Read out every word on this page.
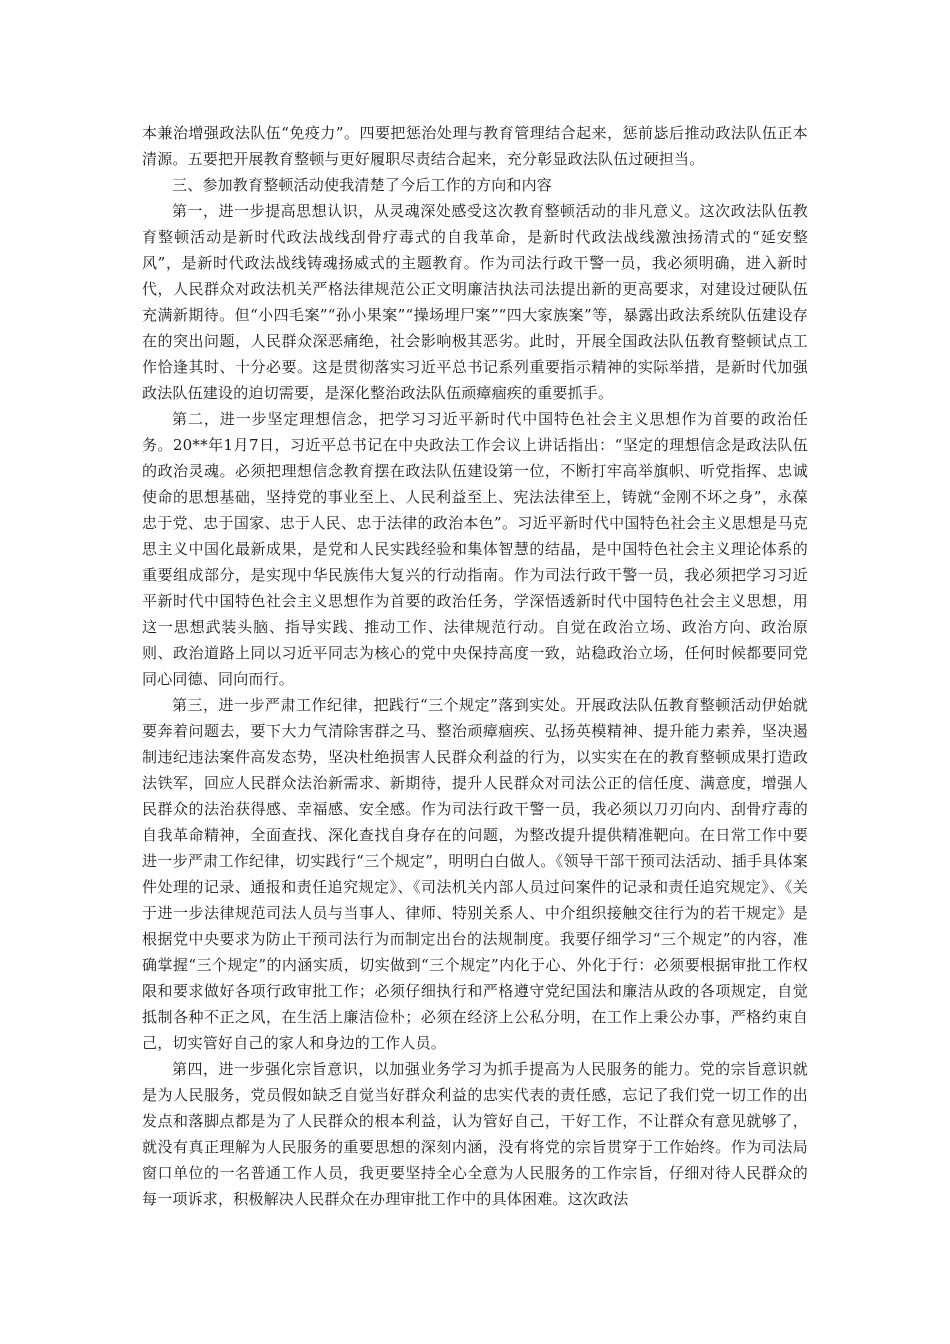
本兼治增强政法队伍“免疫力”。四要把惩治处理与教育管理结合起来，惩前毖后推动政法队伍正本清源。五要把开展教育整顿与更好履职尽责结合起来，充分彰显政法队伍过硬担当。

三、参加教育整顿活动使我清楚了今后工作的方向和内容

第一，进一步提高思想认识，从灵魂深处感受这次教育整顿活动的非凡意义。这次政法队伍教育整顿活动是新时代政法战线刮骨疗毒式的自我革命，是新时代政法战线激浊扬清式的“延安整风”，是新时代政法战线铸魂扬威式的主题教育。作为司法行政干警一员，我必须明确，进入新时代，人民群众对政法机关严格法律规范公正文明廉洁执法司法提出新的更高要求，对建设过硬队伍充满新期待。但“小四毛案”“孙小果案”“操场埋尸案”“四大家族案”等，暴露出政法系统队伍建设存在的突出问题，人民群众深恶痛绝，社会影响极其恶劣。此时，开展全国政法队伍教育整顿试点工作恰逢其时、十分必要。这是贯彻落实习近平总书记系列重要指示精神的实际举措，是新时代加强政法队伍建设的迫切需要，是深化整治政法队伍顽瘴痼疾的重要抓手。

第二，进一步坚定理想信念，把学习习近平新时代中国特色社会主义思想作为首要的政治任务。20**年1月7日，习近平总书记在中央政法工作会议上讲话指出：“坚定的理想信念是政法队伍的政治灵魂。必须把理想信念教育摆在政法队伍建设第一位，不断打牢高举旗帜、听党指挥、忠诚使命的思想基础，坚持党的事业至上、人民利益至上、宪法法律至上，铸就“金刚不坏之身”，永葆忠于党、忠于国家、忠于人民、忠于法律的政治本色”。习近平新时代中国特色社会主义思想是马克思主义中国化最新成果，是党和人民实践经验和集体智慧的结晶，是中国特色社会主义理论体系的重要组成部分，是实现中华民族伟大复兴的行动指南。作为司法行政干警一员，我必须把学习习近平新时代中国特色社会主义思想作为首要的政治任务，学深悟透新时代中国特色社会主义思想，用这一思想武装头脑、指导实践、推动工作、法律规范行动。自觉在政治立场、政治方向、政治原则、政治道路上同以习近平同志为核心的党中央保持高度一致，站稳政治立场，任何时候都要同党同心同德、同向而行。

第三，进一步严肃工作纪律，把践行“三个规定”落到实处。开展政法队伍教育整顿活动伊始就要奔着问题去，要下大力气清除害群之马、整治顽瘴痼疾、弘扬英模精神、提升能力素养，坚决遏制违纪违法案件高发态势，坚决杜绝损害人民群众利益的行为，以实实在在的教育整顿成果打造政法铁军，回应人民群众法治新需求、新期待，提升人民群众对司法公正的信任度、满意度，增强人民群众的法治获得感、幸福感、安全感。作为司法行政干警一员，我必须以刀刃向内、刮骨疗毒的自我革命精神，全面查找、深化查找自身存在的问题，为整改提升提供精准靶向。在日常工作中要进一步严肃工作纪律，切实践行“三个规定”，明明白白做人。《领导干部干预司法活动、插手具体案件处理的记录、通报和责任追究规定》、《司法机关内部人员过问案件的记录和责任追究规定》、《关于进一步法律规范司法人员与当事人、律师、特别关系人、中介组织接触交往行为的若干规定》是根据党中央要求为防止干预司法行为而制定出台的法规制度。我要仔细学习“三个规定”的内容，准确掌握“三个规定”的内涵实质，切实做到“三个规定”内化于心、外化于行：必须要根据审批工作权限和要求做好各项行政审批工作；必须仔细执行和严格遵守党纪国法和廉洁从政的各项规定，自觉抵制各种不正之风，在生活上廉洁俭朴；必须在经济上公私分明，在工作上秉公办事，严格约束自己，切实管好自己的家人和身边的工作人员。

第四，进一步强化宗旨意识，以加强业务学习为抓手提高为人民服务的能力。党的宗旨意识就是为人民服务，党员假如缺乏自觉当好群众利益的忠实代表的责任感，忘记了我们党一切工作的出发点和落脚点都是为了人民群众的根本利益，认为管好自己，干好工作，不让群众有意见就够了，就没有真正理解为人民服务的重要思想的深刻内涵，没有将党的宗旨贯穿于工作始终。作为司法局窗口单位的一名普通工作人员，我更要坚持全心全意为人民服务的工作宗旨，仔细对待人民群众的每一项诉求，积极解决人民群众在办理审批工作中的具体困难。这次政法
